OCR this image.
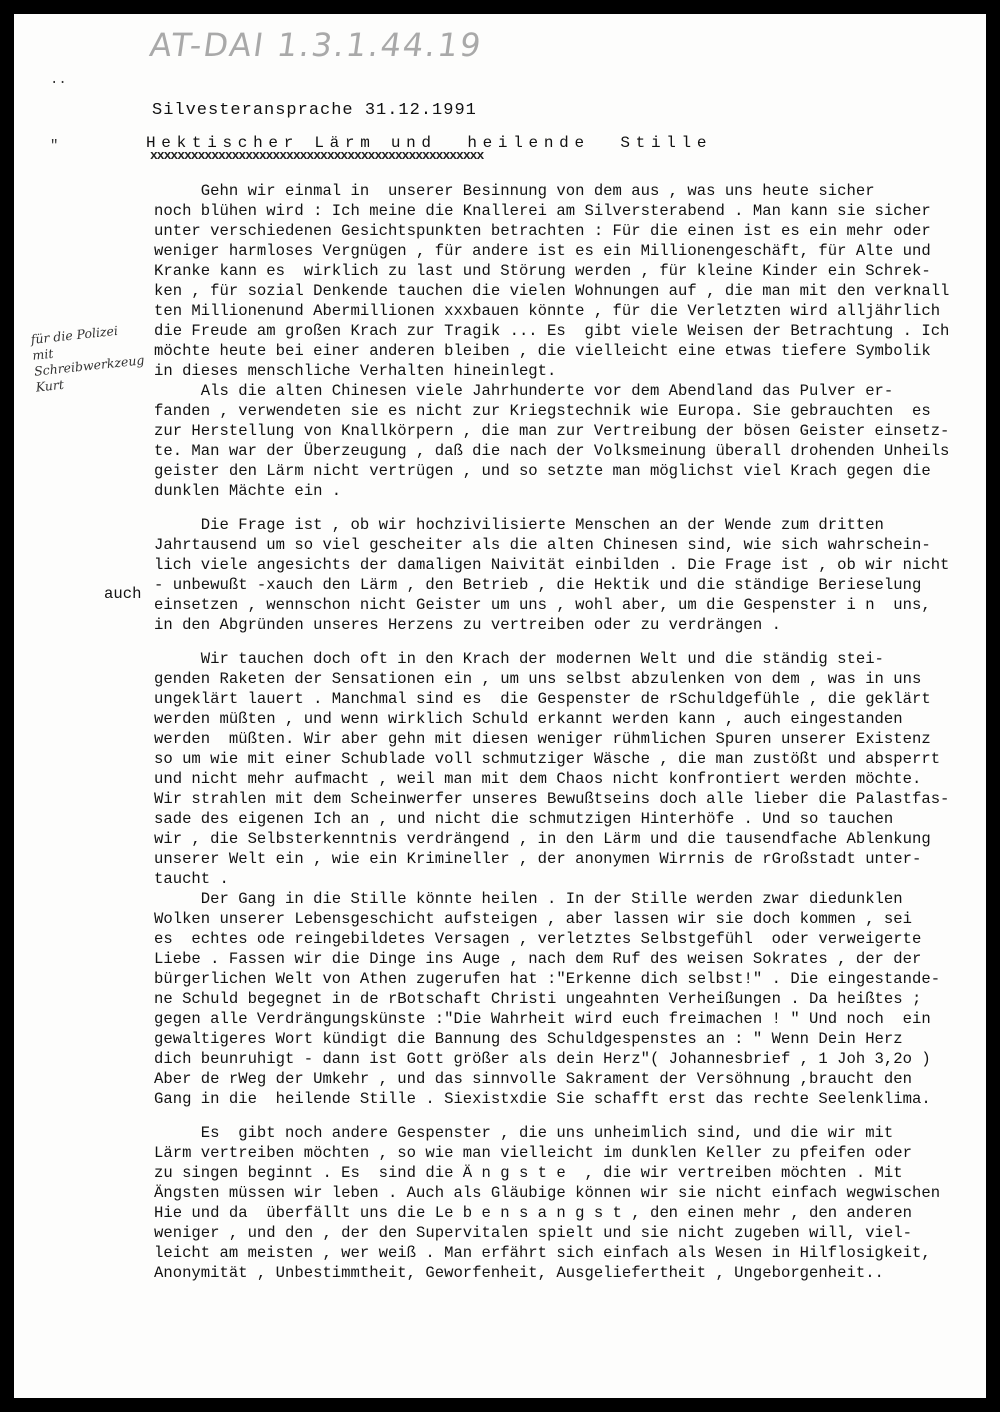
AT-DAI 1.3.1.44.19
..
"
Silvesteransprache 31.12.1991
Hektischer Lärm und  heilende  Stille
xxxxxxxxxxxxxxxxxxxxxxxxxxxxxxxxxxxxxxxxxxxxxxxxx
für die Polizei
mit Schreibwerkzeug
Kurt
auch
Gehn wir einmal in  unserer Besinnung von dem aus , was uns heute sicher
noch blühen wird : Ich meine die Knallerei am Silversterabend . Man kann sie sicher
unter verschiedenen Gesichtspunkten betrachten : Für die einen ist es ein mehr oder
weniger harmloses Vergnügen , für andere ist es ein Millionengeschäft, für Alte und
Kranke kann es  wirklich zu last und Störung werden , für kleine Kinder ein Schrek-
ken , für sozial Denkende tauchen die vielen Wohnungen auf , die man mit den verknall
ten Millionenund Abermillionen xxxbauen könnte , für die Verletzten wird alljährlich
die Freude am großen Krach zur Tragik ... Es  gibt viele Weisen der Betrachtung . Ich
möchte heute bei einer anderen bleiben , die vielleicht eine etwas tiefere Symbolik
in dieses menschliche Verhalten hineinlegt.
Als die alten Chinesen viele Jahrhunderte vor dem Abendland das Pulver er-
fanden , verwendeten sie es nicht zur Kriegstechnik wie Europa. Sie gebrauchten  es
zur Herstellung von Knallkörpern , die man zur Vertreibung der bösen Geister einsetz-
te. Man war der Überzeugung , daß die nach der Volksmeinung überall drohenden Unheils
geister den Lärm nicht vertrügen , und so setzte man möglichst viel Krach gegen die
dunklen Mächte ein .
Die Frage ist , ob wir hochzivilisierte Menschen an der Wende zum dritten
Jahrtausend um so viel gescheiter als die alten Chinesen sind, wie sich wahrschein-
lich viele angesichts der damaligen Naivität einbilden . Die Frage ist , ob wir nicht
- unbewußt -xauch den Lärm , den Betrieb , die Hektik und die ständige Berieselung
einsetzen , wennschon nicht Geister um uns , wohl aber, um die Gespenster i n  uns,
in den Abgründen unseres Herzens zu vertreiben oder zu verdrängen .
Wir tauchen doch oft in den Krach der modernen Welt und die ständig stei-
genden Raketen der Sensationen ein , um uns selbst abzulenken von dem , was in uns
ungeklärt lauert . Manchmal sind es  die Gespenster de rSchuldgefühle , die geklärt
werden müßten , und wenn wirklich Schuld erkannt werden kann , auch eingestanden
werden  müßten. Wir aber gehn mit diesen weniger rühmlichen Spuren unserer Existenz
so um wie mit einer Schublade voll schmutziger Wäsche , die man zustößt und absperrt
und nicht mehr aufmacht , weil man mit dem Chaos nicht konfrontiert werden möchte.
Wir strahlen mit dem Scheinwerfer unseres Bewußtseins doch alle lieber die Palastfas-
sade des eigenen Ich an , und nicht die schmutzigen Hinterhöfe . Und so tauchen
wir , die Selbsterkenntnis verdrängend , in den Lärm und die tausendfache Ablenkung
unserer Welt ein , wie ein Krimineller , der anonymen Wirrnis de rGroßstadt unter-
taucht .
Der Gang in die Stille könnte heilen . In der Stille werden zwar diedunklen
Wolken unserer Lebensgeschicht aufsteigen , aber lassen wir sie doch kommen , sei
es  echtes ode reingebildetes Versagen , verletztes Selbstgefühl  oder verweigerte
Liebe . Fassen wir die Dinge ins Auge , nach dem Ruf des weisen Sokrates , der der
bürgerlichen Welt von Athen zugerufen hat :"Erkenne dich selbst!" . Die eingestande-
ne Schuld begegnet in de rBotschaft Christi ungeahnten Verheißungen . Da heißtes ;
gegen alle Verdrängungskünste :"Die Wahrheit wird euch freimachen ! " Und noch  ein
gewaltigeres Wort kündigt die Bannung des Schuldgespenstes an : " Wenn Dein Herz
dich beunruhigt - dann ist Gott größer als dein Herz"( Johannesbrief , 1 Joh 3,2o )
Aber de rWeg der Umkehr , und das sinnvolle Sakrament der Versöhnung ,braucht den
Gang in die  heilende Stille . Siexistxdie Sie schafft erst das rechte Seelenklima.
Es  gibt noch andere Gespenster , die uns unheimlich sind, und die wir mit
Lärm vertreiben möchten , so wie man vielleicht im dunklen Keller zu pfeifen oder
zu singen beginnt . Es  sind die Ä n g s t e  , die wir vertreiben möchten . Mit
Ängsten müssen wir leben . Auch als Gläubige können wir sie nicht einfach wegwischen
Hie und da  überfällt uns die Le b e n s a n g s t , den einen mehr , den anderen
weniger , und den , der den Supervitalen spielt und sie nicht zugeben will, viel-
leicht am meisten , wer weiß . Man erfährt sich einfach als Wesen in Hilflosigkeit,
Anonymität , Unbestimmtheit, Geworfenheit, Ausgeliefertheit , Ungeborgenheit..
